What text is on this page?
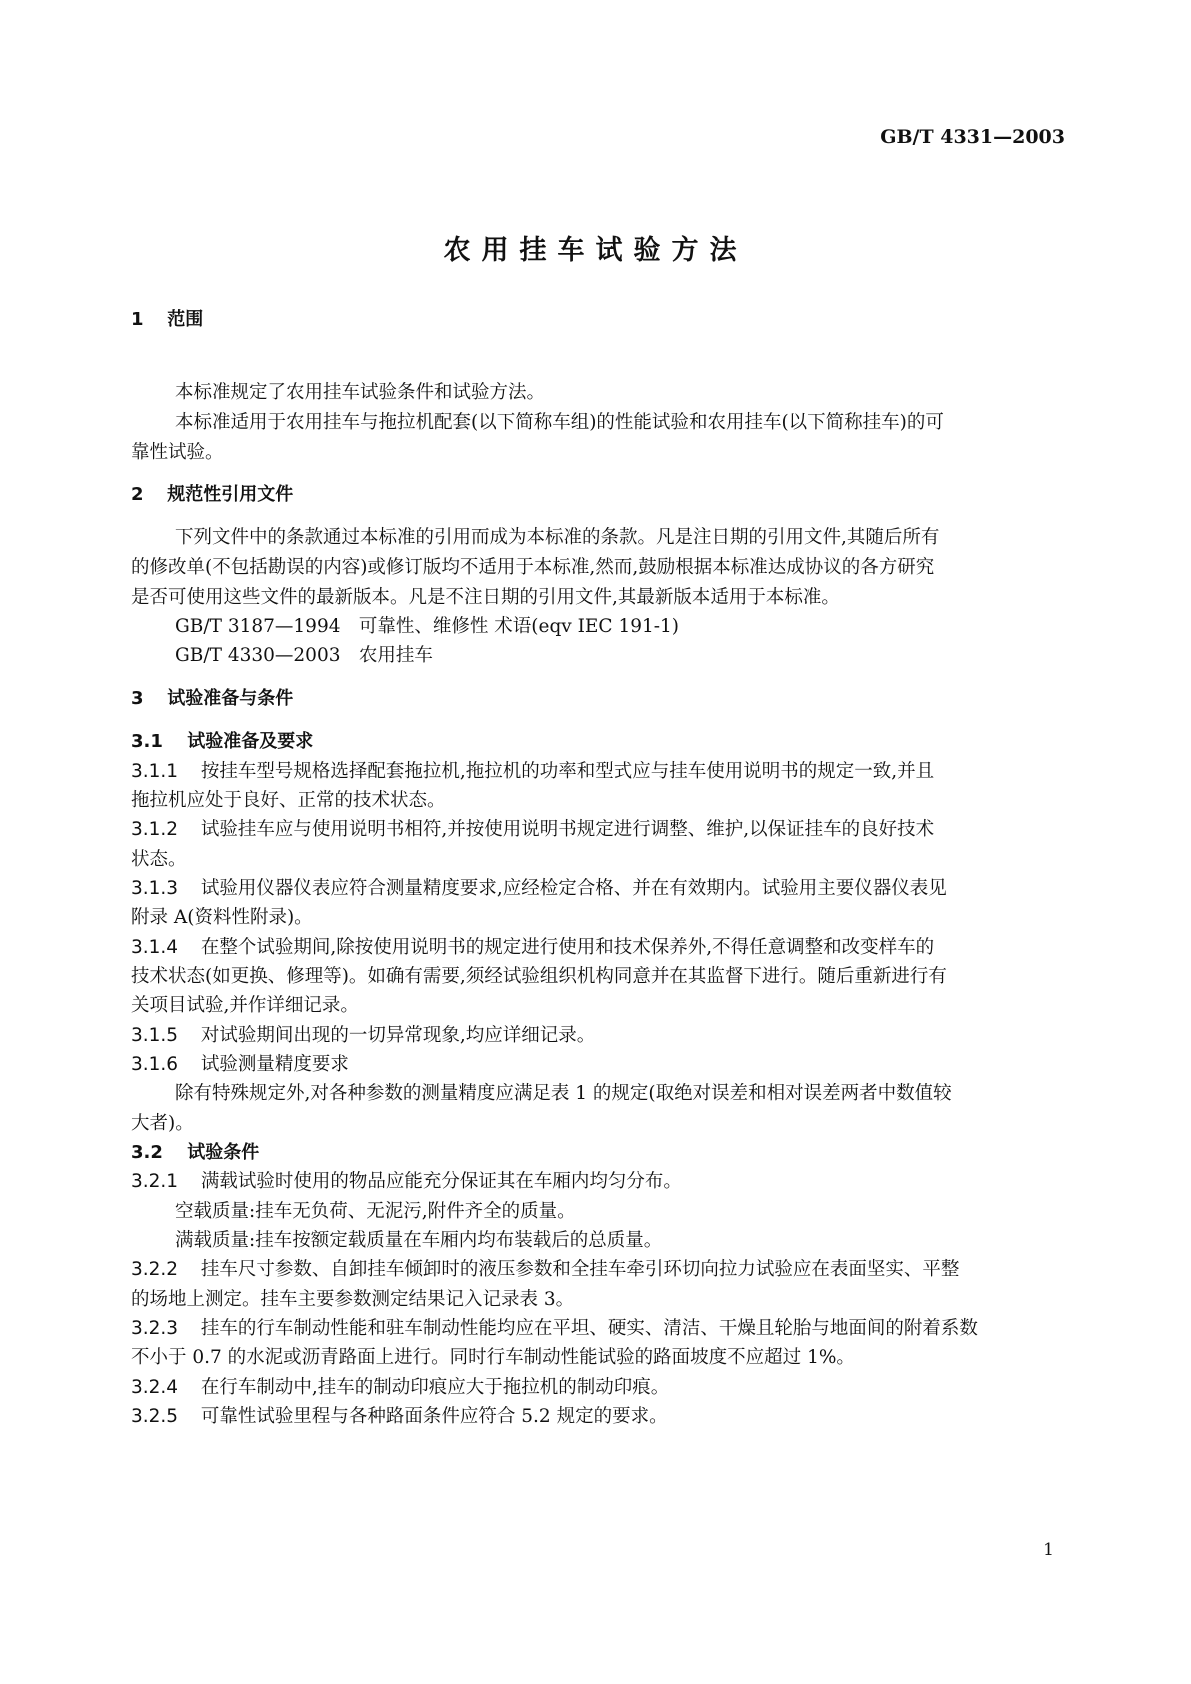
GB/T 4331—2003
农用挂车试验方法
1 范围
本标准规定了农用挂车试验条件和试验方法。
本标准适用于农用挂车与拖拉机配套(以下简称车组)的性能试验和农用挂车(以下简称挂车)的可
靠性试验。
2 规范性引用文件
下列文件中的条款通过本标准的引用而成为本标准的条款。凡是注日期的引用文件,其随后所有
的修改单(不包括勘误的内容)或修订版均不适用于本标准,然而,鼓励根据本标准达成协议的各方研究
是否可使用这些文件的最新版本。凡是不注日期的引用文件,其最新版本适用于本标准。
GB/T 3187—1994 可靠性、维修性 术语(eqv IEC 191-1)
GB/T 4330—2003 农用挂车
3 试验准备与条件
3.1 试验准备及要求
3.1.1 按挂车型号规格选择配套拖拉机,拖拉机的功率和型式应与挂车使用说明书的规定一致,并且
拖拉机应处于良好、正常的技术状态。
3.1.2 试验挂车应与使用说明书相符,并按使用说明书规定进行调整、维护,以保证挂车的良好技术
状态。
3.1.3 试验用仪器仪表应符合测量精度要求,应经检定合格、并在有效期内。试验用主要仪器仪表见
附录 A(资料性附录)。
3.1.4 在整个试验期间,除按使用说明书的规定进行使用和技术保养外,不得任意调整和改变样车的
技术状态(如更换、修理等)。如确有需要,须经试验组织机构同意并在其监督下进行。随后重新进行有
关项目试验,并作详细记录。
3.1.5 对试验期间出现的一切异常现象,均应详细记录。
3.1.6 试验测量精度要求
除有特殊规定外,对各种参数的测量精度应满足表 1 的规定(取绝对误差和相对误差两者中数值较
大者)。
3.2 试验条件
3.2.1 满载试验时使用的物品应能充分保证其在车厢内均匀分布。
空载质量:挂车无负荷、无泥污,附件齐全的质量。
满载质量:挂车按额定载质量在车厢内均布装载后的总质量。
3.2.2 挂车尺寸参数、自卸挂车倾卸时的液压参数和全挂车牵引环切向拉力试验应在表面坚实、平整
的场地上测定。挂车主要参数测定结果记入记录表 3。
3.2.3 挂车的行车制动性能和驻车制动性能均应在平坦、硬实、清洁、干燥且轮胎与地面间的附着系数
不小于 0.7 的水泥或沥青路面上进行。同时行车制动性能试验的路面坡度不应超过 1%。
3.2.4 在行车制动中,挂车的制动印痕应大于拖拉机的制动印痕。
3.2.5 可靠性试验里程与各种路面条件应符合 5.2 规定的要求。
1
